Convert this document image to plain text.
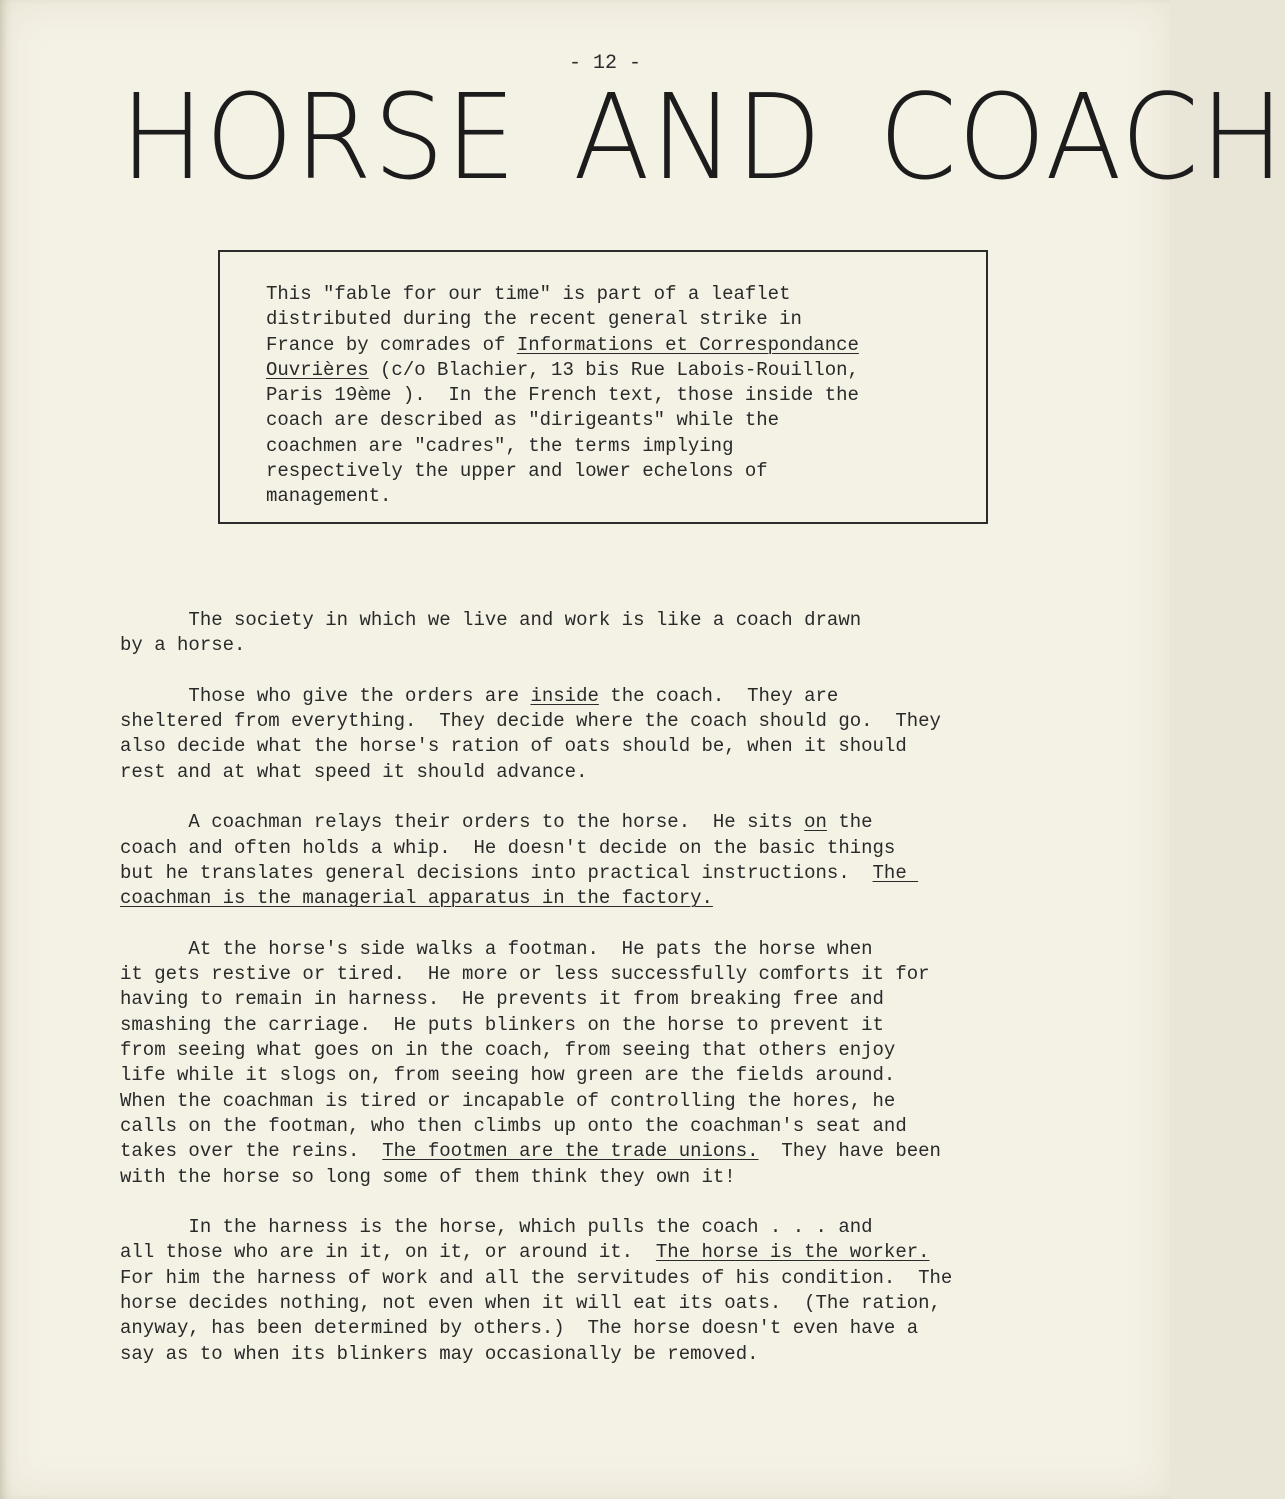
- 12 -
HORSE AND COACH
This "fable for our time" is part of a leaflet
distributed during the recent general strike in
France by comrades of Informations et Correspondance
Ouvrières (c/o Blachier, 13 bis Rue Labois-Rouillon,
Paris 19ème ).  In the French text, those inside the
coach are described as "dirigeants" while the
coachmen are "cadres", the terms implying
respectively the upper and lower echelons of
management.
The society in which we live and work is like a coach drawn
by a horse.
Those who give the orders are inside the coach.  They are
sheltered from everything.  They decide where the coach should go.  They
also decide what the horse's ration of oats should be, when it should
rest and at what speed it should advance.
A coachman relays their orders to the horse.  He sits on the
coach and often holds a whip.  He doesn't decide on the basic things
but he translates general decisions into practical instructions.  The
coachman is the managerial apparatus in the factory.
At the horse's side walks a footman.  He pats the horse when
it gets restive or tired.  He more or less successfully comforts it for
having to remain in harness.  He prevents it from breaking free and
smashing the carriage.  He puts blinkers on the horse to prevent it
from seeing what goes on in the coach, from seeing that others enjoy
life while it slogs on, from seeing how green are the fields around.
When the coachman is tired or incapable of controlling the hores, he
calls on the footman, who then climbs up onto the coachman's seat and
takes over the reins.  The footmen are the trade unions.  They have been
with the horse so long some of them think they own it!
In the harness is the horse, which pulls the coach . . . and
all those who are in it, on it, or around it.  The horse is the worker.
For him the harness of work and all the servitudes of his condition.  The
horse decides nothing, not even when it will eat its oats.  (The ration,
anyway, has been determined by others.)  The horse doesn't even have a
say as to when its blinkers may occasionally be removed.
